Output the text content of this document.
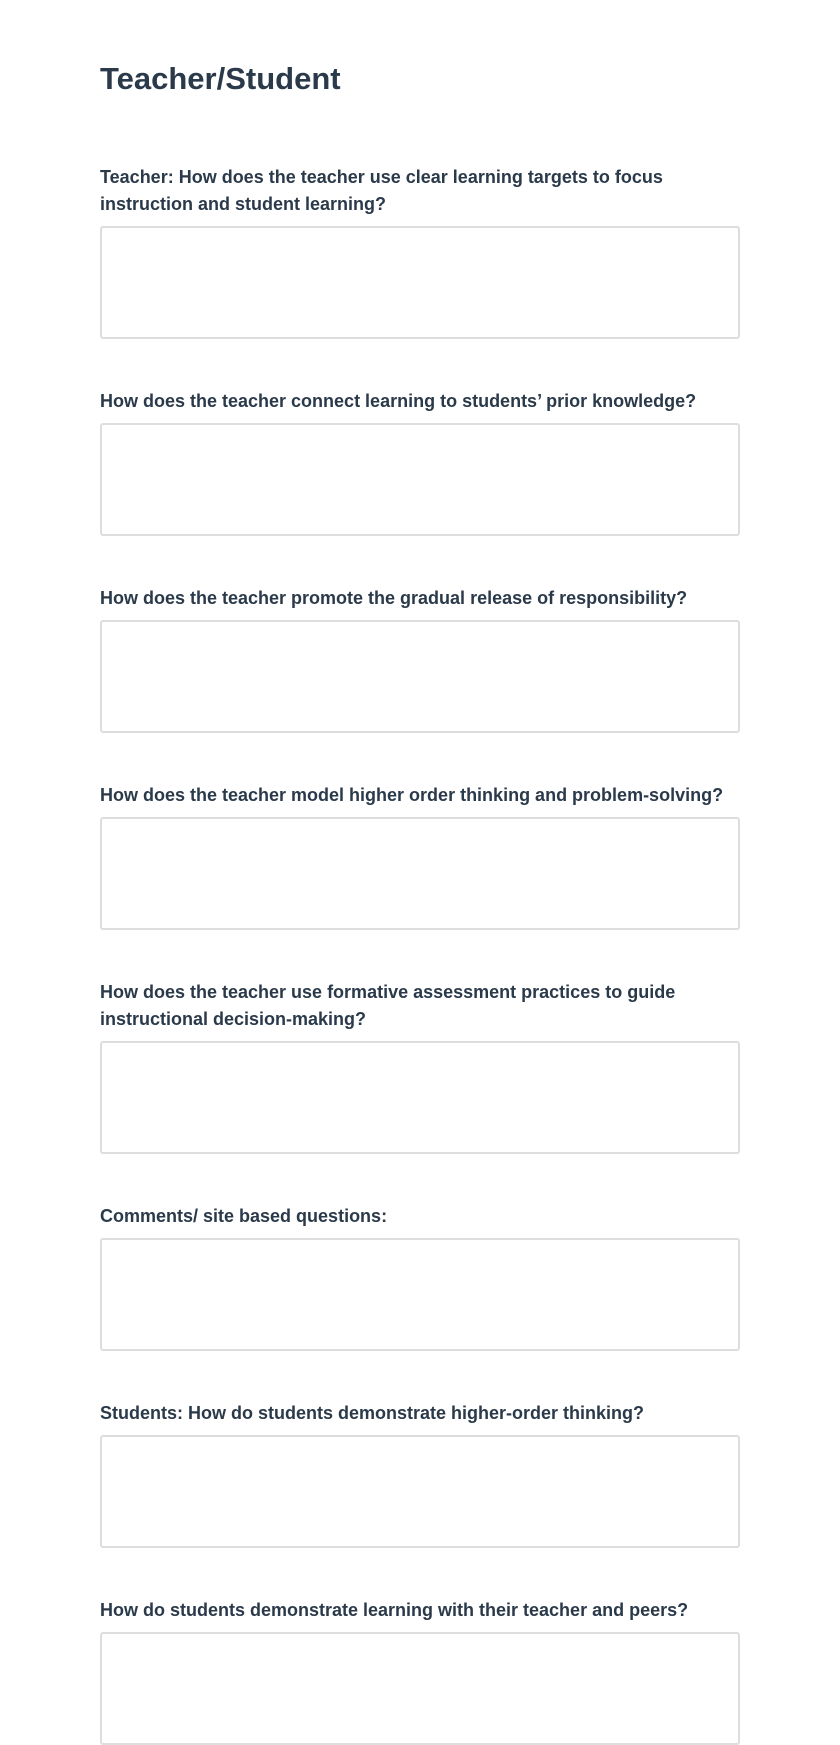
Teacher/Student
Teacher: How does the teacher use clear learning targets to focus instruction and student learning?
How does the teacher connect learning to students’ prior knowledge?
How does the teacher promote the gradual release of responsibility?
How does the teacher model higher order thinking and problem-solving?
How does the teacher use formative assessment practices to guide instructional decision-making?
Comments/ site based questions:
Students: How do students demonstrate higher-order thinking?
How do students demonstrate learning with their teacher and peers?
